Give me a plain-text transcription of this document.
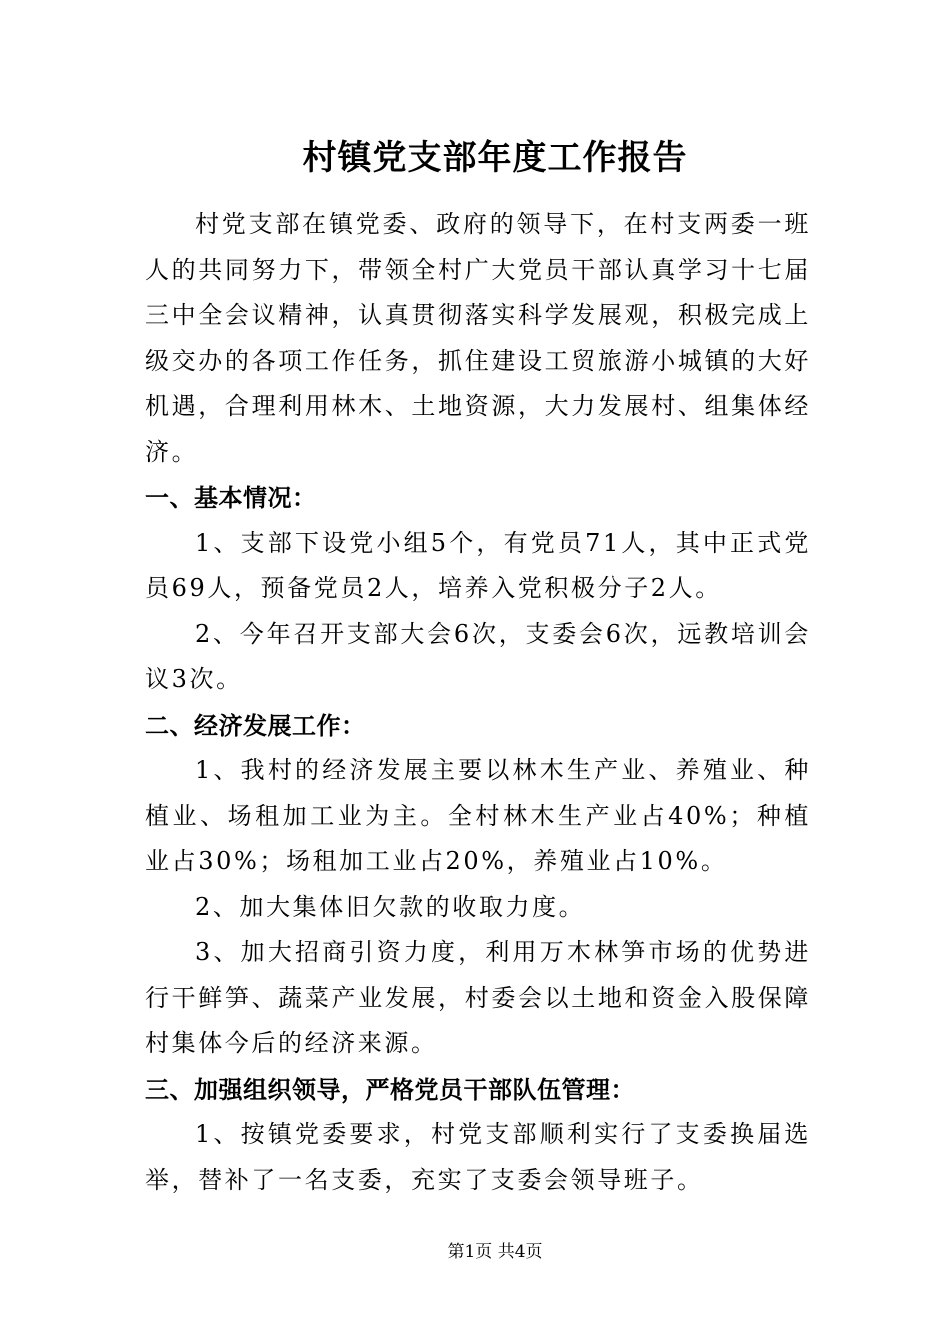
村镇党支部年度工作报告

村党支部在镇党委、政府的领导下，在村支两委一班人的共同努力下，带领全村广大党员干部认真学习十七届三中全会议精神，认真贯彻落实科学发展观，积极完成上级交办的各项工作任务，抓住建设工贸旅游小城镇的大好机遇，合理利用林木、土地资源，大力发展村、组集体经济。

一、基本情况：

1、支部下设党小组5个，有党员71人，其中正式党员69人，预备党员2人，培养入党积极分子2人。

2、今年召开支部大会6次，支委会6次，远教培训会议3次。

二、经济发展工作：

1、我村的经济发展主要以林木生产业、养殖业、种植业、场租加工业为主。全村林木生产业占40%；种植业占30%；场租加工业占20%，养殖业占10%。

2、加大集体旧欠款的收取力度。

3、加大招商引资力度，利用万木林笋市场的优势进行干鲜笋、蔬菜产业发展，村委会以土地和资金入股保障村集体今后的经济来源。

三、加强组织领导，严格党员干部队伍管理：

1、按镇党委要求，村党支部顺利实行了支委换届选举，替补了一名支委，充实了支委会领导班子。

第1页 共4页
